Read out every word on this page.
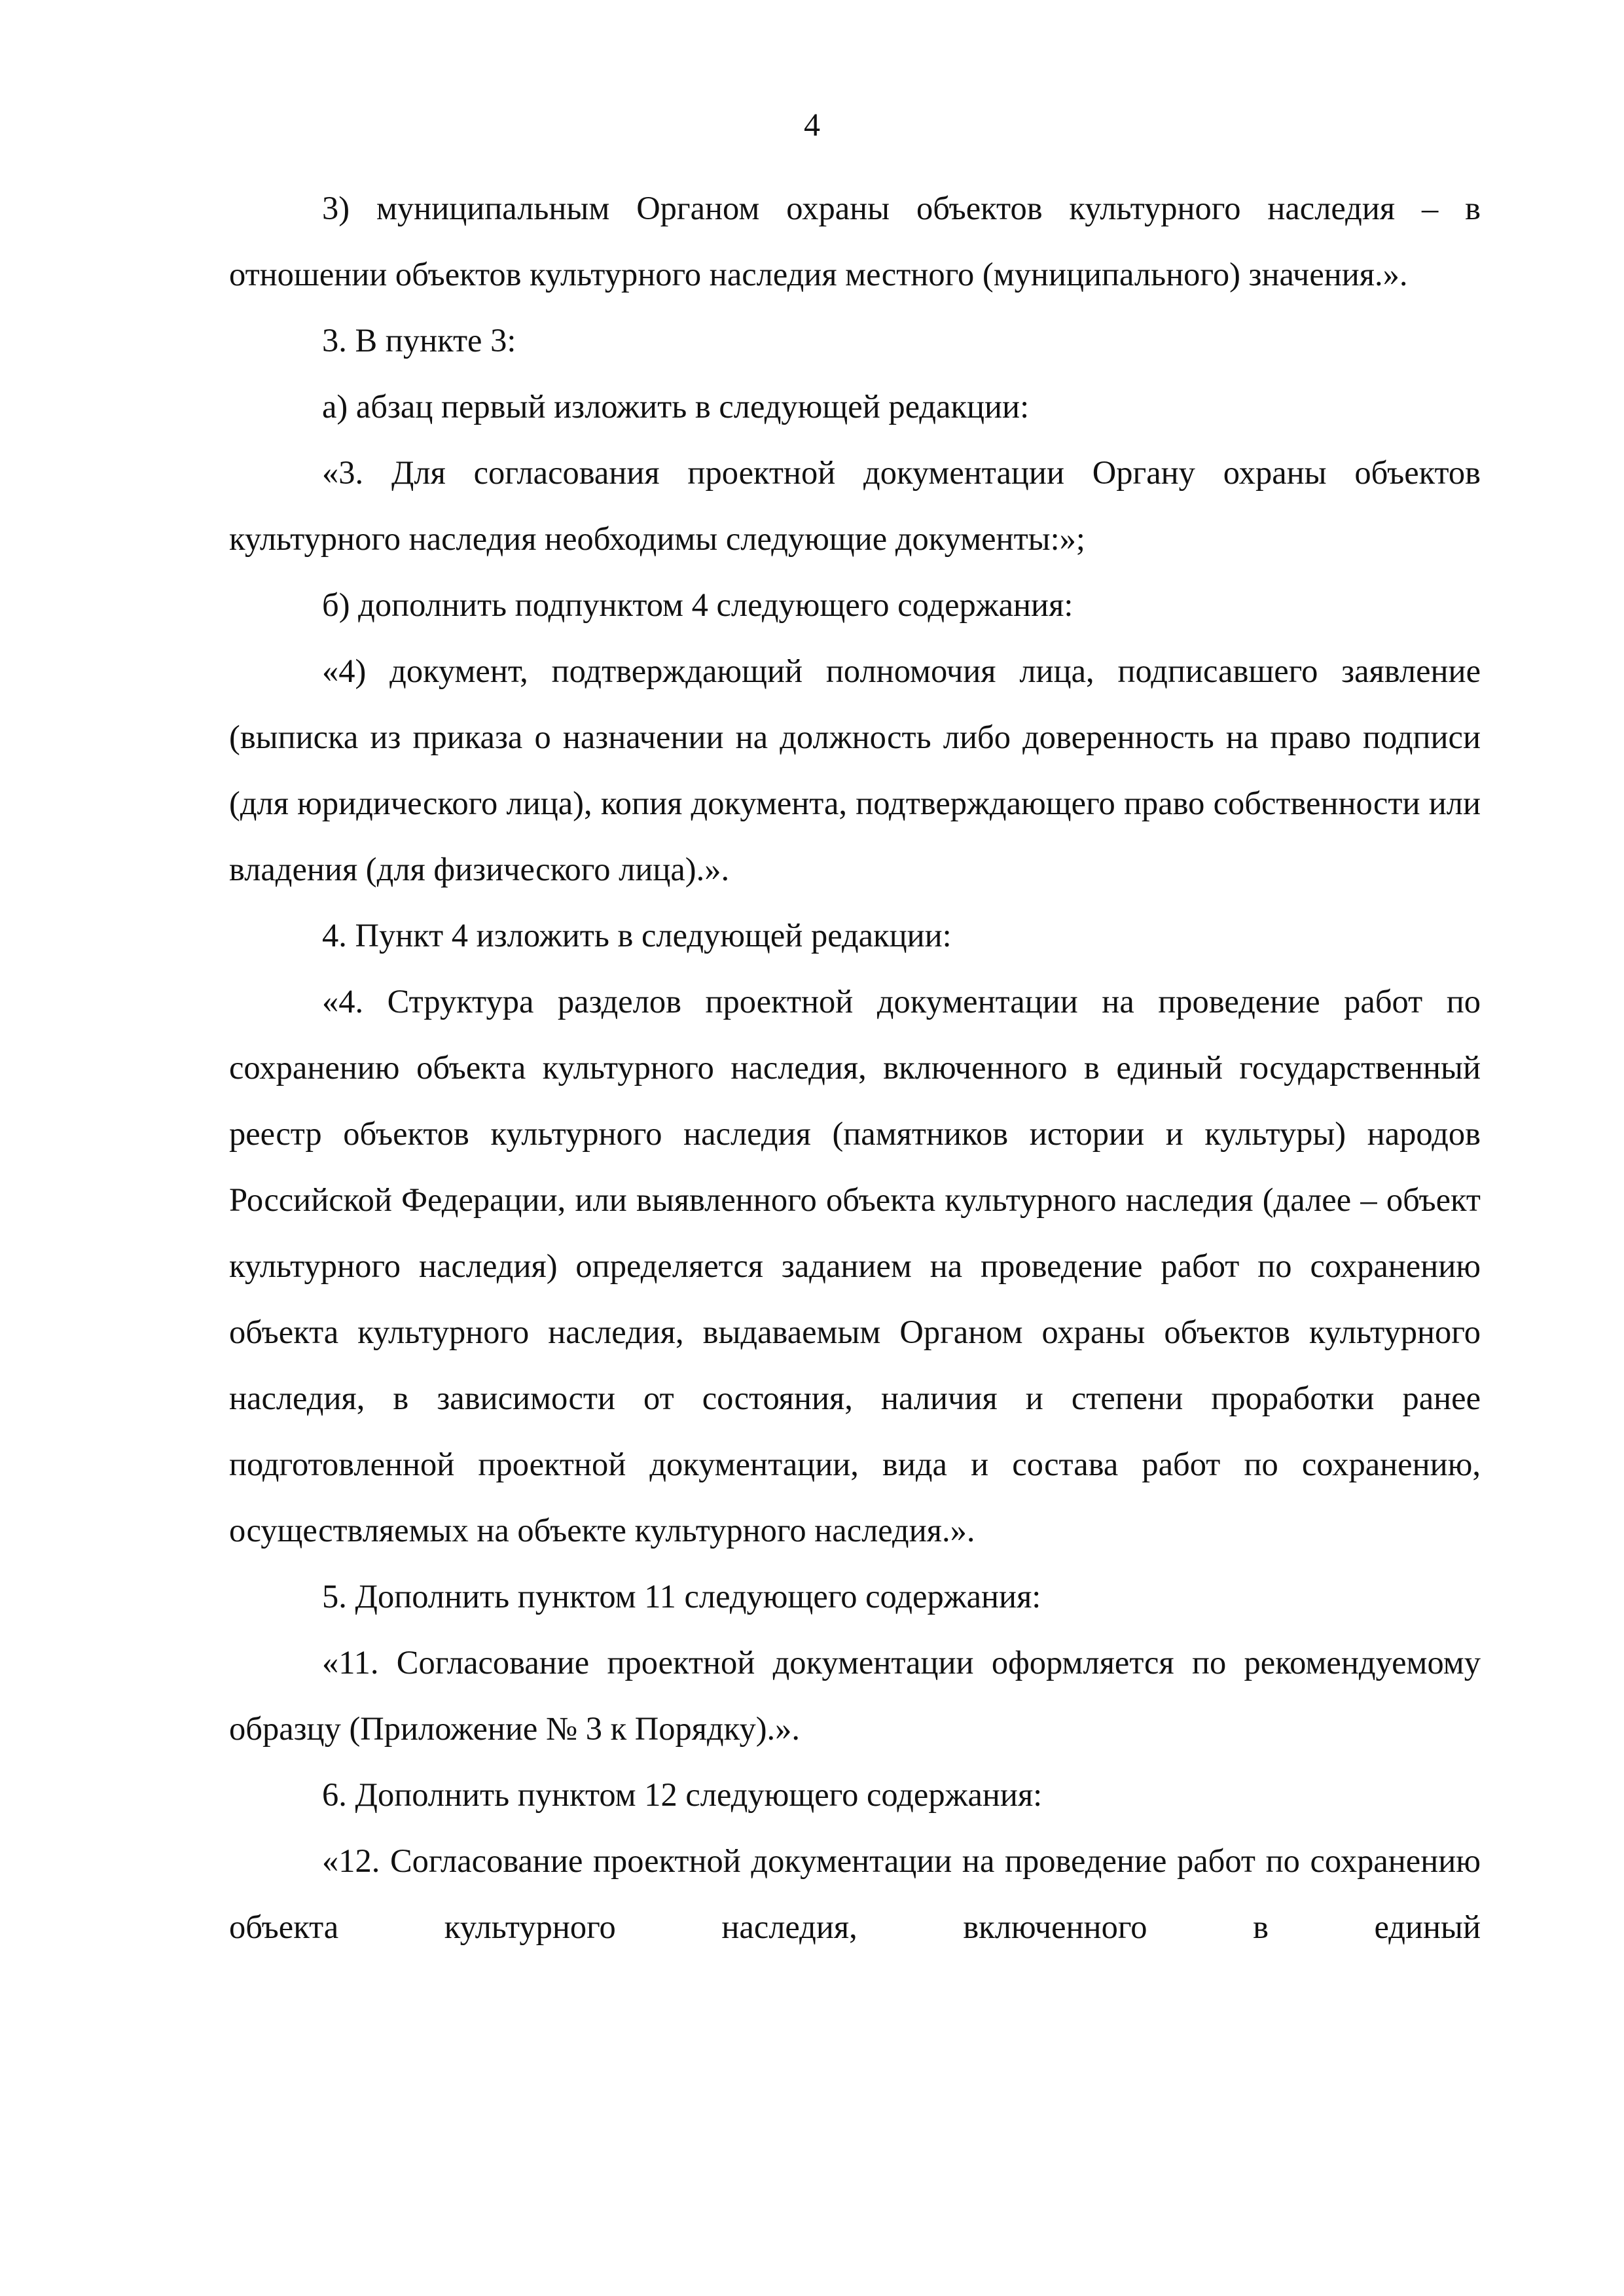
4

3) муниципальным Органом охраны объектов культурного наследия – в отношении объектов культурного наследия местного (муниципального) значения.».

3. В пункте 3:

а) абзац первый изложить в следующей редакции:

«3. Для согласования проектной документации Органу охраны объектов культурного наследия необходимы следующие документы:»;

б) дополнить подпунктом 4 следующего содержания:

«4) документ, подтверждающий полномочия лица, подписавшего заявление (выписка из приказа о назначении на должность либо доверенность на право подписи (для юридического лица), копия документа, подтверждающего право собственности или владения (для физического лица).».

4. Пункт 4 изложить в следующей редакции:

«4. Структура разделов проектной документации на проведение работ по сохранению объекта культурного наследия, включенного в единый государственный реестр объектов культурного наследия (памятников истории и культуры) народов Российской Федерации, или выявленного объекта культурного наследия (далее – объект культурного наследия) определяется заданием на проведение работ по сохранению объекта культурного наследия, выдаваемым Органом охраны объектов культурного наследия, в зависимости от состояния, наличия и степени проработки ранее подготовленной проектной документации, вида и состава работ по сохранению, осуществляемых на объекте культурного наследия.».

5. Дополнить пунктом 11 следующего содержания:

«11. Согласование проектной документации оформляется по рекомендуемому образцу (Приложение № 3 к Порядку).».

6. Дополнить пунктом 12 следующего содержания:

«12. Согласование проектной документации на проведение работ по сохранению объекта культурного наследия, включенного в единый
